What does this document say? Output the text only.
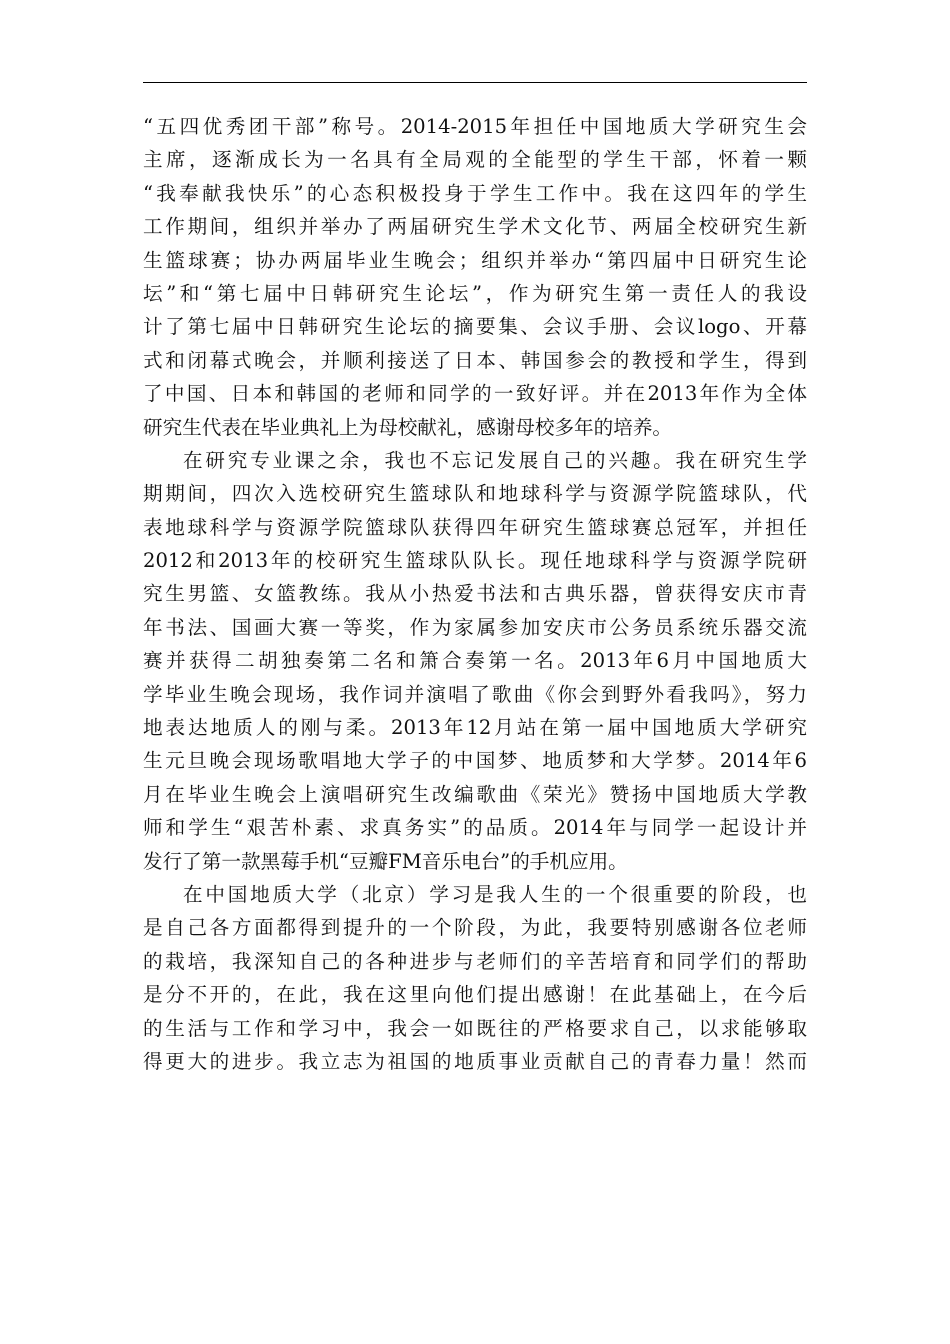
“五四优秀团干部”称号。2014-2015年担任中国地质大学研究生会
主席，逐渐成长为一名具有全局观的全能型的学生干部，怀着一颗
“我奉献我快乐”的心态积极投身于学生工作中。我在这四年的学生
工作期间，组织并举办了两届研究生学术文化节、两届全校研究生新
生篮球赛；协办两届毕业生晚会；组织并举办“第四届中日研究生论
坛”和“第七届中日韩研究生论坛”，作为研究生第一责任人的我设
计了第七届中日韩研究生论坛的摘要集、会议手册、会议logo、开幕
式和闭幕式晚会，并顺利接送了日本、韩国参会的教授和学生，得到
了中国、日本和韩国的老师和同学的一致好评。并在2013年作为全体
研究生代表在毕业典礼上为母校献礼，感谢母校多年的培养。
在研究专业课之余，我也不忘记发展自己的兴趣。我在研究生学
期期间，四次入选校研究生篮球队和地球科学与资源学院篮球队，代
表地球科学与资源学院篮球队获得四年研究生篮球赛总冠军，并担任
2012和2013年的校研究生篮球队队长。现任地球科学与资源学院研
究生男篮、女篮教练。我从小热爱书法和古典乐器，曾获得安庆市青
年书法、国画大赛一等奖，作为家属参加安庆市公务员系统乐器交流
赛并获得二胡独奏第二名和箫合奏第一名。2013年6月中国地质大
学毕业生晚会现场，我作词并演唱了歌曲《你会到野外看我吗》，努力
地表达地质人的刚与柔。2013年12月站在第一届中国地质大学研究
生元旦晚会现场歌唱地大学子的中国梦、地质梦和大学梦。2014年6
月在毕业生晚会上演唱研究生改编歌曲《荣光》赞扬中国地质大学教
师和学生“艰苦朴素、求真务实”的品质。2014年与同学一起设计并
发行了第一款黑莓手机“豆瓣FM音乐电台”的手机应用。
在中国地质大学（北京）学习是我人生的一个很重要的阶段，也
是自己各方面都得到提升的一个阶段，为此，我要特别感谢各位老师
的栽培，我深知自己的各种进步与老师们的辛苦培育和同学们的帮助
是分不开的，在此，我在这里向他们提出感谢！在此基础上，在今后
的生活与工作和学习中，我会一如既往的严格要求自己，以求能够取
得更大的进步。我立志为祖国的地质事业贡献自己的青春力量！然而
